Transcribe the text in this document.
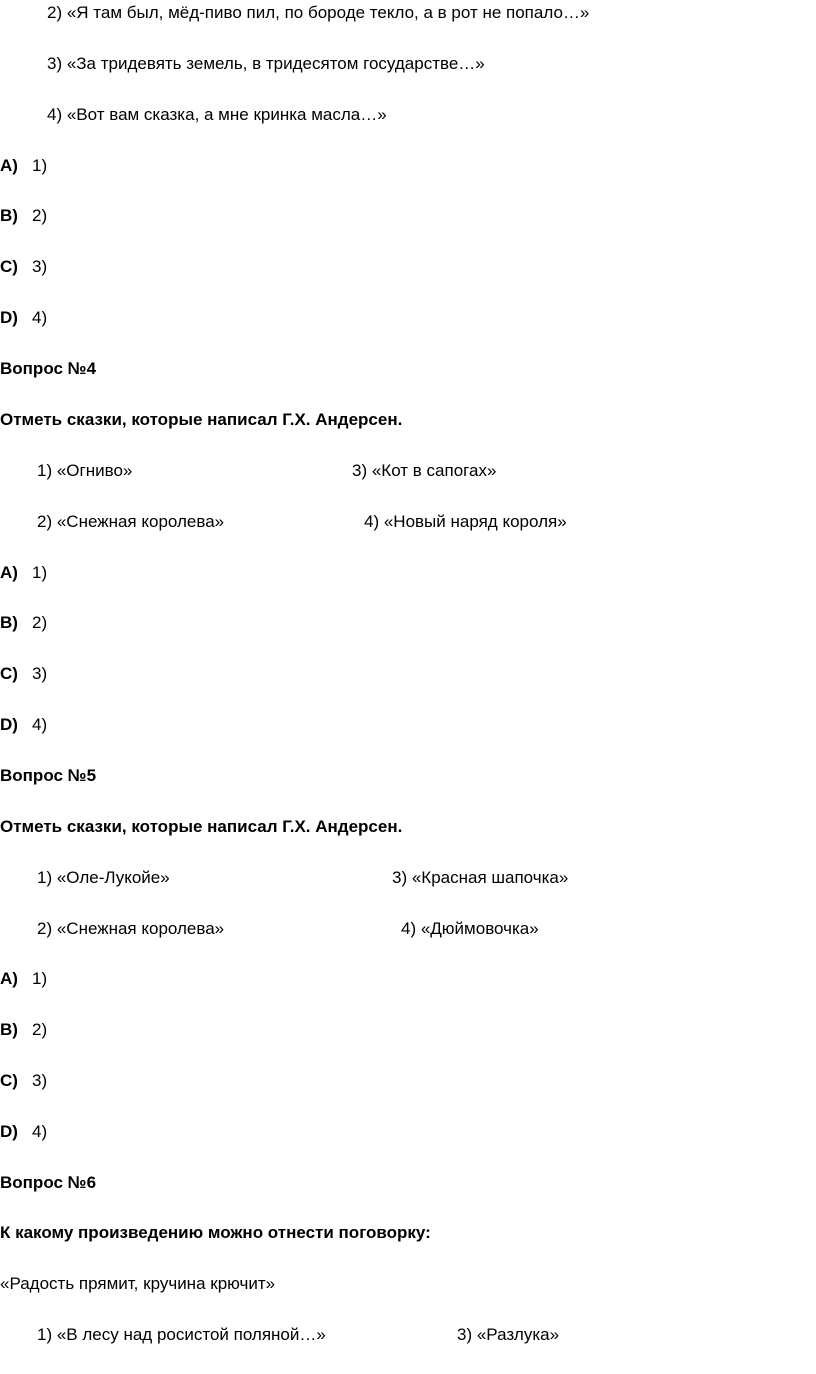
2) «Я там был, мёд-пиво пил, по бороде текло, а в рот не попало…»
3) «За тридевять земель, в тридесятом государстве…»
4) «Вот вам сказка, а мне кринка масла…»
A) 1)
B) 2)
C) 3)
D) 4)
Вопрос №4
Отметь сказки, которые написал Г.Х. Андерсен.
1) «Огниво»	3) «Кот в сапогах»
2) «Снежная королева»	4) «Новый наряд короля»
A) 1)
B) 2)
C) 3)
D) 4)
Вопрос №5
Отметь сказки, которые написал Г.Х. Андерсен.
1) «Оле-Лукойе»	3) «Красная шапочка»
2) «Снежная королева»	4) «Дюймовочка»
A) 1)
B) 2)
C) 3)
D) 4)
Вопрос №6
К какому произведению можно отнести поговорку:
«Радость прямит, кручина крючит»
1) «В лесу над росистой поляной…»	3) «Разлука»
